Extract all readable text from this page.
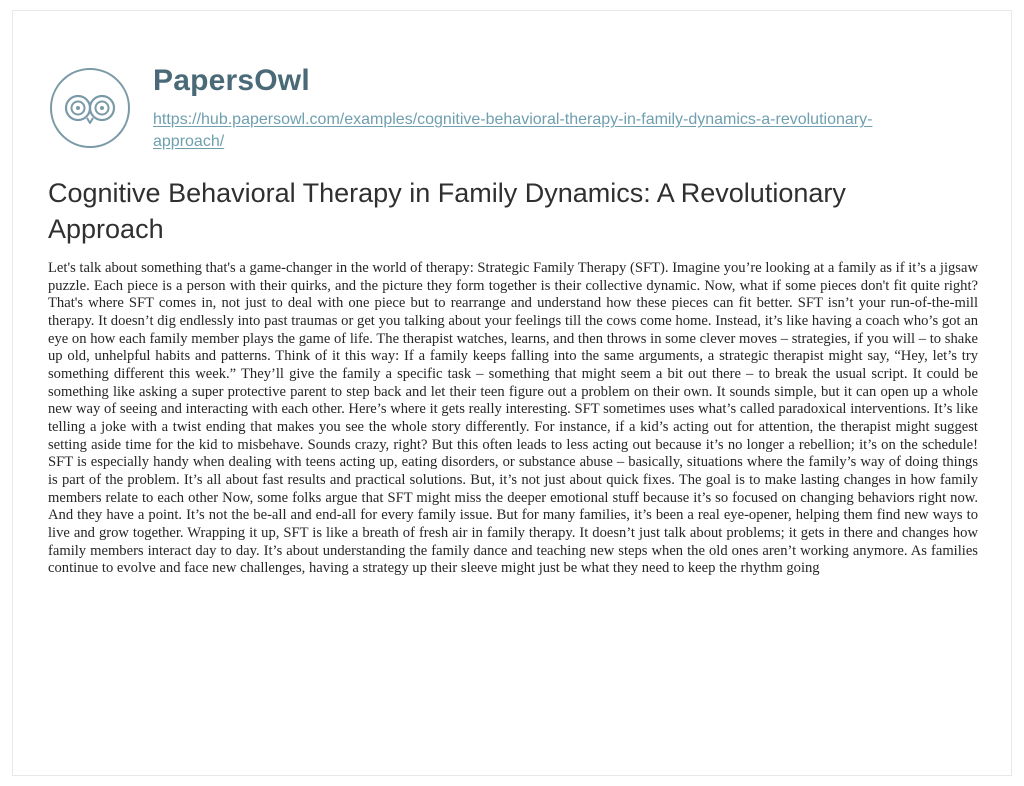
PapersOwl
https://hub.papersowl.com/examples/cognitive-behavioral-therapy-in-family-dynamics-a-revolutionary-approach/
Cognitive Behavioral Therapy in Family Dynamics: A Revolutionary Approach

Let's talk about something that's a game-changer in the world of therapy: Strategic Family Therapy (SFT). Imagine you’re looking at a family as if it’s a jigsaw puzzle. Each piece is a person with their quirks, and the picture they form together is their collective dynamic. Now, what if some pieces don't fit quite right? That's where SFT comes in, not just to deal with one piece but to rearrange and understand how these pieces can fit better. SFT isn’t your run-of-the-mill therapy. It doesn’t dig endlessly into past traumas or get you talking about your feelings till the cows come home. Instead, it’s like having a coach who’s got an eye on how each family member plays the game of life. The therapist watches, learns, and then throws in some clever moves – strategies, if you will – to shake up old, unhelpful habits and patterns. Think of it this way: If a family keeps falling into the same arguments, a strategic therapist might say, “Hey, let’s try something different this week.” They’ll give the family a specific task – something that might seem a bit out there – to break the usual script. It could be something like asking a super protective parent to step back and let their teen figure out a problem on their own. It sounds simple, but it can open up a whole new way of seeing and interacting with each other. Here’s where it gets really interesting. SFT sometimes uses what’s called paradoxical interventions. It’s like telling a joke with a twist ending that makes you see the whole story differently. For instance, if a kid’s acting out for attention, the therapist might suggest setting aside time for the kid to misbehave. Sounds crazy, right? But this often leads to less acting out because it’s no longer a rebellion; it’s on the schedule! SFT is especially handy when dealing with teens acting up, eating disorders, or substance abuse – basically, situations where the family’s way of doing things is part of the problem. It’s all about fast results and practical solutions. But, it’s not just about quick fixes. The goal is to make lasting changes in how family members relate to each other Now, some folks argue that SFT might miss the deeper emotional stuff because it’s so focused on changing behaviors right now. And they have a point. It’s not the be-all and end-all for every family issue. But for many families, it’s been a real eye-opener, helping them find new ways to live and grow together. Wrapping it up, SFT is like a breath of fresh air in family therapy. It doesn’t just talk about problems; it gets in there and changes how family members interact day to day. It’s about understanding the family dance and teaching new steps when the old ones aren’t working anymore. As families continue to evolve and face new challenges, having a strategy up their sleeve might just be what they need to keep the rhythm going
